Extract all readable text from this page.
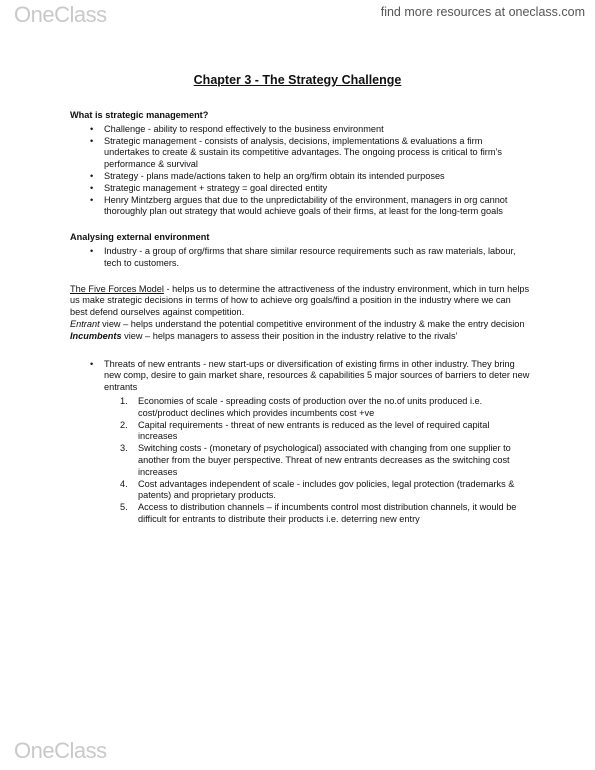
OneClass	find more resources at oneclass.com
Chapter 3 - The Strategy Challenge

What is strategic management?

• Challenge - ability to respond effectively to the business environment
• Strategic management - consists of analysis, decisions, implementations & evaluations a firm undertakes to create & sustain its competitive advantages. The ongoing process is critical to firm’s performance & survival
• Strategy - plans made/actions taken to help an org/firm obtain its intended purposes
• Strategic management + strategy = goal directed entity
• Henry Mintzberg argues that due to the unpredictability of the environment, managers in org cannot thoroughly plan out strategy that would achieve goals of their firms, at least for the long-term goals

Analysing external environment

• Industry - a group of org/firms that share similar resource requirements such as raw materials, labour, tech to customers.

The Five Forces Model - helps us to determine the attractiveness of the industry environment, which in turn helps us make strategic decisions in terms of how to achieve org goals/find a position in the industry where we can best defend ourselves against competition.

Entrant view – helps understand the potential competitive environment of the industry & make the entry decision

Incumbents view – helps managers to assess their position in the industry relative to the rivals’

• Threats of new entrants - new start-ups or diversification of existing firms in other industry. They bring new comp, desire to gain market share, resources & capabilities 5 major sources of barriers to deter new entrants
1. Economies of scale - spreading costs of production over the no.of units produced i.e. cost/product declines which provides incumbents cost +ve
2. Capital requirements - threat of new entrants is reduced as the level of required capital increases
3. Switching costs - (monetary of psychological) associated with changing from one supplier to another from the buyer perspective. Threat of new entrants decreases as the switching cost increases
4. Cost advantages independent of scale - includes gov policies, legal protection (trademarks & patents) and proprietary products.
5. Access to distribution channels – if incumbents control most distribution channels, it would be difficult for entrants to distribute their products i.e. deterring new entry
OneClass
